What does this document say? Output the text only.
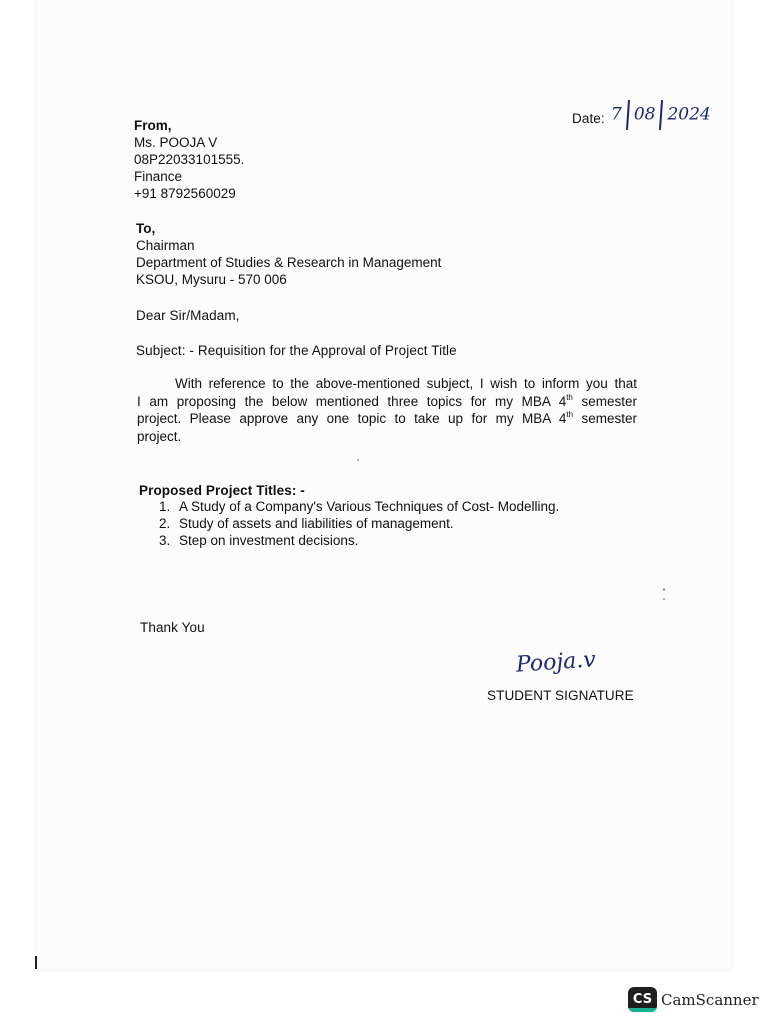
Date: 7 08 2024
From,
Ms. POOJA V
08P22033101555.
Finance
+91 8792560029
To,
Chairman
Department of Studies & Research in Management
KSOU, Mysuru - 570 006
Dear Sir/Madam,
Subject: - Requisition for the Approval of Project Title
With reference to the above-mentioned subject, I wish to inform you that
I am proposing the below mentioned three topics for my MBA 4th semester
project. Please approve any one topic to take up for my MBA 4th semester
project.
Proposed Project Titles: -
1. A Study of a Company's Various Techniques of Cost- Modelling.
2. Study of assets and liabilities of management.
3. Step on investment decisions.
Thank You
Pooja.v
STUDENT SIGNATURE
CS CamScanner
